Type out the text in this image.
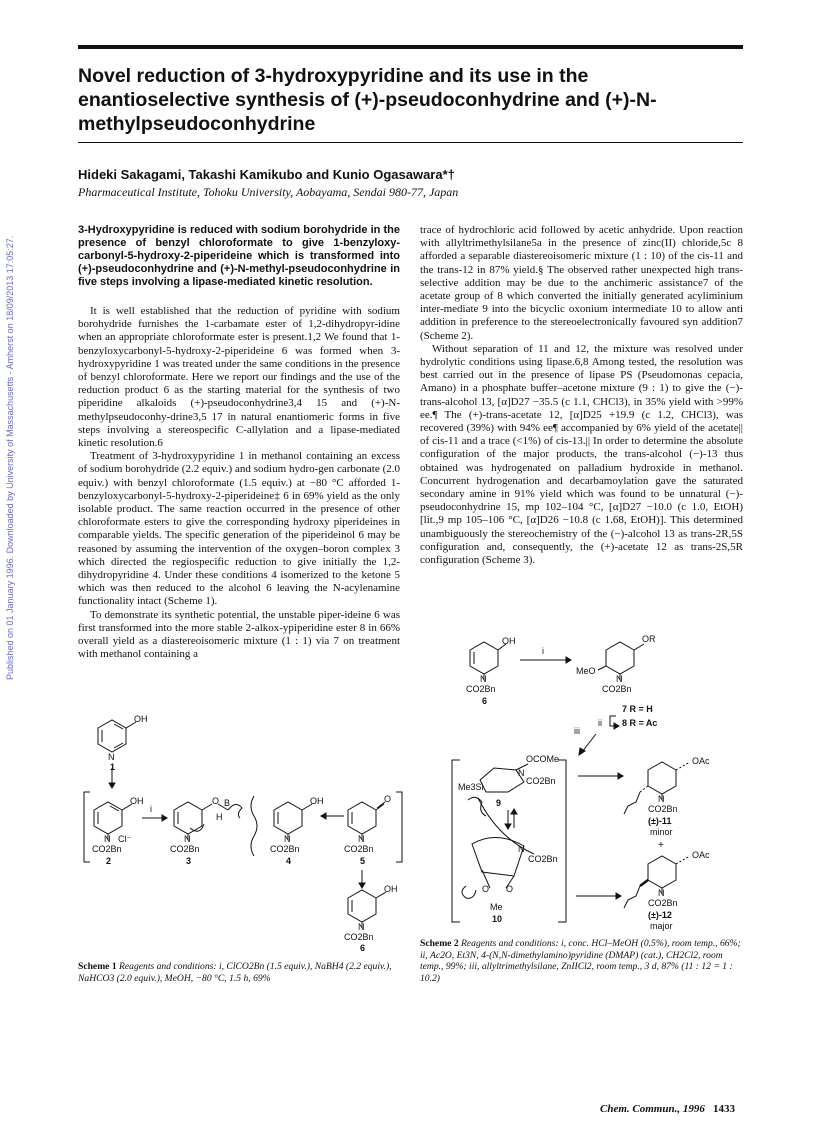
Novel reduction of 3-hydroxypyridine and its use in the enantioselective synthesis of (+)-pseudoconhydrine and (+)-N-methylpseudoconhydrine

Hideki Sakagami, Takashi Kamikubo and Kunio Ogasawara*†

Pharmaceutical Institute, Tohoku University, Aobayama, Sendai 980-77, Japan

Published on 01 January 1996. Downloaded by University of Massachusetts - Amherst on 18/09/2013 17:05:27.

3-Hydroxypyridine is reduced with sodium borohydride in the presence of benzyl chloroformate to give 1-benzyloxy-carbonyl-5-hydroxy-2-piperideine which is transformed into (+)-pseudoconhydrine and (+)-N-methyl-pseudoconhydrine in five steps involving a lipase-mediated kinetic resolution.

It is well established that the reduction of pyridine with sodium borohydride furnishes the 1-carbamate ester of 1,2-dihydropyr-idine when an appropriate chloroformate ester is present.1,2 We found that 1-benzyloxycarbonyl-5-hydroxy-2-piperideine 6 was formed when 3-hydroxypyridine 1 was treated under the same conditions in the presence of benzyl chloroformate. Here we report our findings and the use of the reduction product 6 as the starting material for the synthesis of two piperidine alkaloids (+)-pseudoconhydrine3,4 15 and (+)-N-methylpseudoconhy-drine3,5 17 in natural enantiomeric forms in five steps involving a stereospecific C-allylation and a lipase-mediated kinetic resolution.6

Treatment of 3-hydroxypyridine 1 in methanol containing an excess of sodium borohydride (2.2 equiv.) and sodium hydro-gen carbonate (2.0 equiv.) with benzyl chloroformate (1.5 equiv.) at −80 °C afforded 1-benzyloxycarbonyl-5-hydroxy-2-piperideine‡ 6 in 69% yield as the only isolable product. The same reaction occurred in the presence of other chloroformate esters to give the corresponding hydroxy piperideines in comparable yields. The specific generation of the piperideinol 6 may be reasoned by assuming the intervention of the oxygen–boron complex 3 which directed the regiospecific reduction to give initially the 1,2-dihydropyridine 4. Under these conditions 4 isomerized to the ketone 5 which was then reduced to the alcohol 6 leaving the N-acylenamine functionality intact (Scheme 1).

To demonstrate its synthetic potential, the unstable piper-ideine 6 was first transformed into the more stable 2-alkox-ypiperidine ester 8 in 66% overall yield as a diastereoisomeric mixture (1 : 1) via 7 on treatment with methanol containing a

trace of hydrochloric acid followed by acetic anhydride. Upon reaction with allyltrimethylsilane5a in the presence of zinc(II) chloride,5c 8 afforded a separable diastereoisomeric mixture (1 : 10) of the cis-11 and the trans-12 in 87% yield.§ The observed rather unexpected high trans-selective addition may be due to the anchimeric assistance7 of the acetate group of 8 which converted the initially generated acyliminium inter-mediate 9 into the bicyclic oxonium intermediate 10 to allow anti addition in preference to the stereoelectronically favoured syn addition7 (Scheme 2).

Without separation of 11 and 12, the mixture was resolved under hydrolytic conditions using lipase.6,8 Among tested, the resolution was best carried out in the presence of lipase PS (Pseudomonas cepacia, Amano) in a phosphate buffer–acetone mixture (9 : 1) to give the (−)-trans-alcohol 13, [α]D27 −35.5 (c 1.1, CHCl3), in 35% yield with >99% ee.¶ The (+)-trans-acetate 12, [α]D25 +19.9 (c 1.2, CHCl3), was recovered (39%) with 94% ee¶ accompanied by 6% yield of the acetate|| of cis-11 and a trace (<1%) of cis-13.|| In order to determine the absolute configuration of the major products, the trans-alcohol (−)-13 thus obtained was hydrogenated on palladium hydroxide in methanol. Concurrent hydrogenation and decarbamoylation gave the saturated secondary amine in 91% yield which was found to be unnatural (−)-pseudoconhydrine 15, mp 102–104 °C, [α]D27 −10.0 (c 1.0, EtOH) [lit.,9 mp 105–106 °C, [α]D26 −10.8 (c 1.68, EtOH)]. This determined unambiguously the stereochemistry of the (−)-alcohol 13 as trans-2R,5S configuration and, consequently, the (+)-acetate 12 as trans-2S,5R configuration (Scheme 3).

OH
N
1
OH
N Cl⁻
CO2Bn
2
i
O B
H
N
CO2Bn
3
OH
N
CO2Bn
4
O
N
CO2Bn
5
OH
N
CO2Bn
6
Scheme 1 Reagents and conditions: i, ClCO2Bn (1.5 equiv.), NaBH4 (2.2 equiv.), NaHCO3 (2.0 equiv.), MeOH, −80 °C, 1.5 h, 69%
OH
N
CO2Bn
6
i
OR
MeO
N
CO2Bn
7 R = H
ii 8 R = Ac
iii
OCOMe
N
CO2Bn
Me3Si
9
N
CO2Bn
O O
Me
10
OAc
N
CO2Bn
(±)-11
minor
+
OAc
N
CO2Bn
(±)-12
major
Scheme 2 Reagents and conditions: i, conc. HCl–MeOH (0.5%), room temp., 66%; ii, Ac2O, Et3N, 4-(N,N-dimethylamino)pyridine (DMAP) (cat.), CH2Cl2, room temp., 99%; iii, allyltrimethylsilane, ZnIICl2, room temp., 3 d, 87% (11 : 12 = 1 : 10.2)
Chem. Commun., 1996 1433
